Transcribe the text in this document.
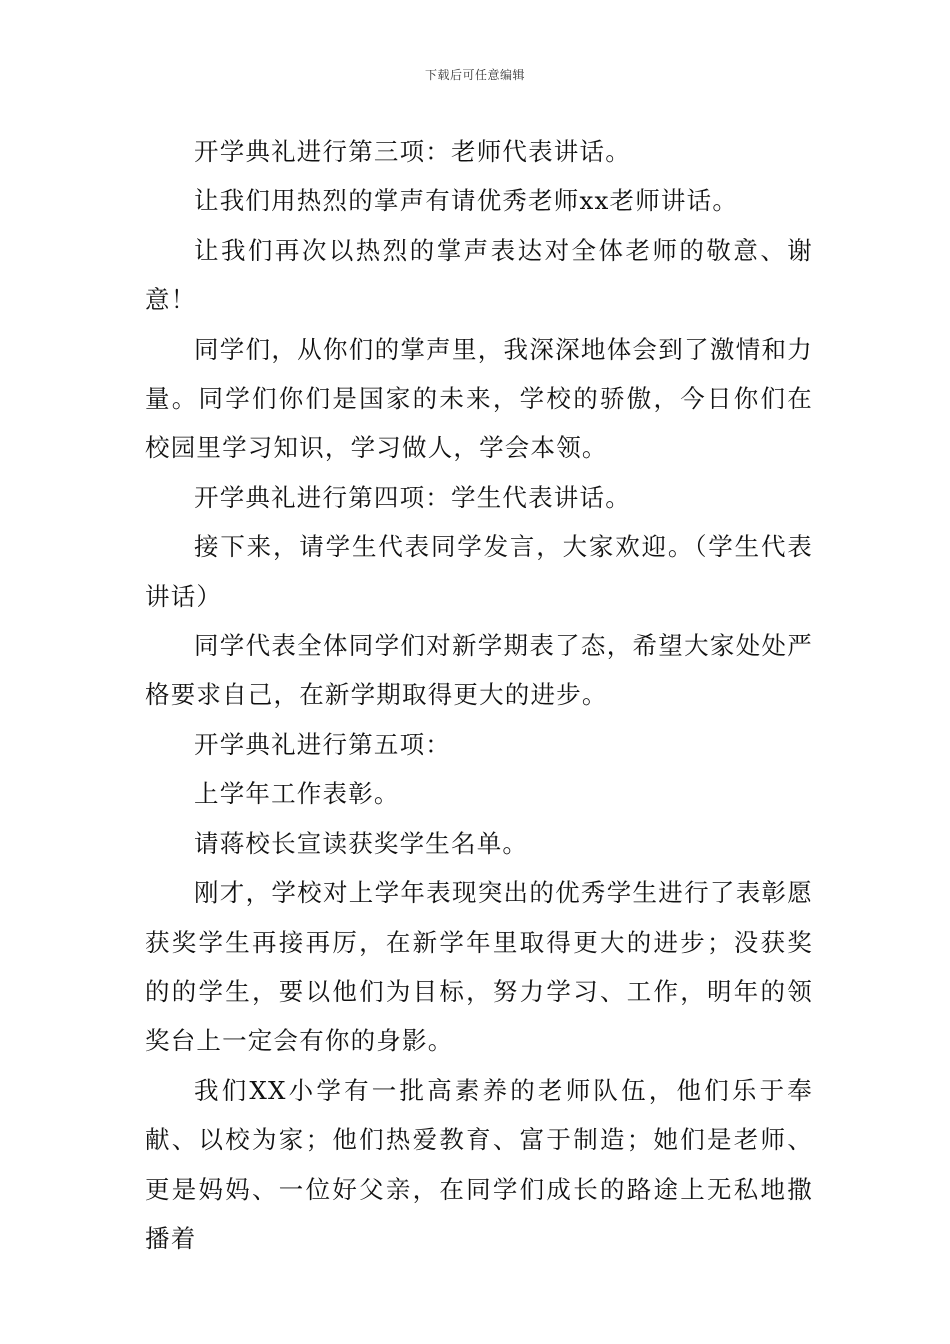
下载后可任意编辑

开学典礼进行第三项：老师代表讲话。

让我们用热烈的掌声有请优秀老师xx老师讲话。

让我们再次以热烈的掌声表达对全体老师的敬意、谢意！

同学们，从你们的掌声里，我深深地体会到了激情和力量。同学们你们是国家的未来，学校的骄傲，今日你们在校园里学习知识，学习做人，学会本领。

开学典礼进行第四项：学生代表讲话。

接下来，请学生代表同学发言，大家欢迎。（学生代表讲话）

同学代表全体同学们对新学期表了态，希望大家处处严格要求自己，在新学期取得更大的进步。

开学典礼进行第五项：

上学年工作表彰。

请蒋校长宣读获奖学生名单。

刚才，学校对上学年表现突出的优秀学生进行了表彰愿获奖学生再接再厉，在新学年里取得更大的进步；没获奖的的学生，要以他们为目标，努力学习、工作，明年的领奖台上一定会有你的身影。

我们XX小学有一批高素养的老师队伍，他们乐于奉献、以校为家；他们热爱教育、富于制造；她们是老师、更是妈妈、一位好父亲，在同学们成长的路途上无私地撒播着
